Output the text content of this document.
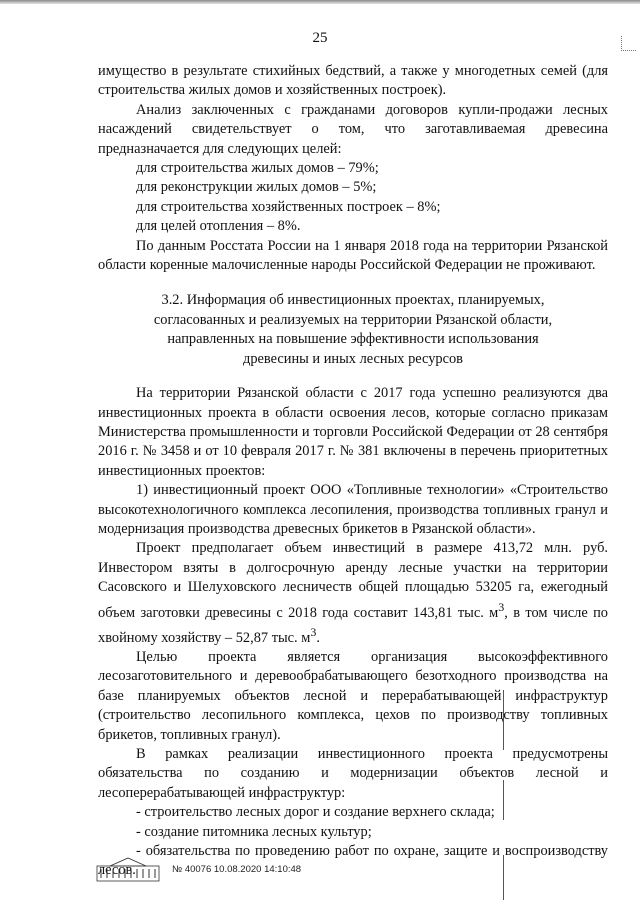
25

имущество в результате стихийных бедствий, а также у многодетных семей (для строительства жилых домов и хозяйственных построек).

Анализ заключенных с гражданами договоров купли-продажи лесных насаждений свидетельствует о том, что заготавливаемая древесина предназначается для следующих целей:

для строительства жилых домов – 79%;

для реконструкции жилых домов – 5%;

для строительства хозяйственных построек – 8%;

для целей отопления – 8%.

По данным Росстата России на 1 января 2018 года на территории Рязанской области коренные малочисленные народы Российской Федерации не проживают.

3.2. Информация об инвестиционных проектах, планируемых,
согласованных и реализуемых на территории Рязанской области,
направленных на повышение эффективности использования
древесины и иных лесных ресурсов

На территории Рязанской области с 2017 года успешно реализуются два инвестиционных проекта в области освоения лесов, которые согласно приказам Министерства промышленности и торговли Российской Федерации от 28 сентября 2016 г. № 3458 и от 10 февраля 2017 г. № 381 включены в перечень приоритетных инвестиционных проектов:

1) инвестиционный проект ООО «Топливные технологии» «Строительство высокотехнологичного комплекса лесопиления, производства топливных гранул и модернизация производства древесных брикетов в Рязанской области».

Проект предполагает объем инвестиций в размере 413,72 млн. руб. Инвестором взяты в долгосрочную аренду лесные участки на территории Сасовского и Шелуховского лесничеств общей площадью 53205 га, ежегодный объем заготовки древесины с 2018 года составит 143,81 тыс. $м^3$, в том числе по хвойному хозяйству – 52,87 тыс. $м^3$.

Целью проекта является организация высокоэффективного лесозаготовительного и деревообрабатывающего безотходного производства на базе планируемых объектов лесной и перерабатывающей инфраструктур (строительство лесопильного комплекса, цехов по производству топливных брикетов, топливных гранул).

В рамках реализации инвестиционного проекта предусмотрены обязательства по созданию и модернизации объектов лесной и лесоперерабатывающей инфраструктур:

- строительство лесных дорог и создание верхнего склада;

- создание питомника лесных культур;

- обязательства по проведению работ по охране, защите и воспроизводству лесов.	№ 40076 10.08.2020 14:10:48
